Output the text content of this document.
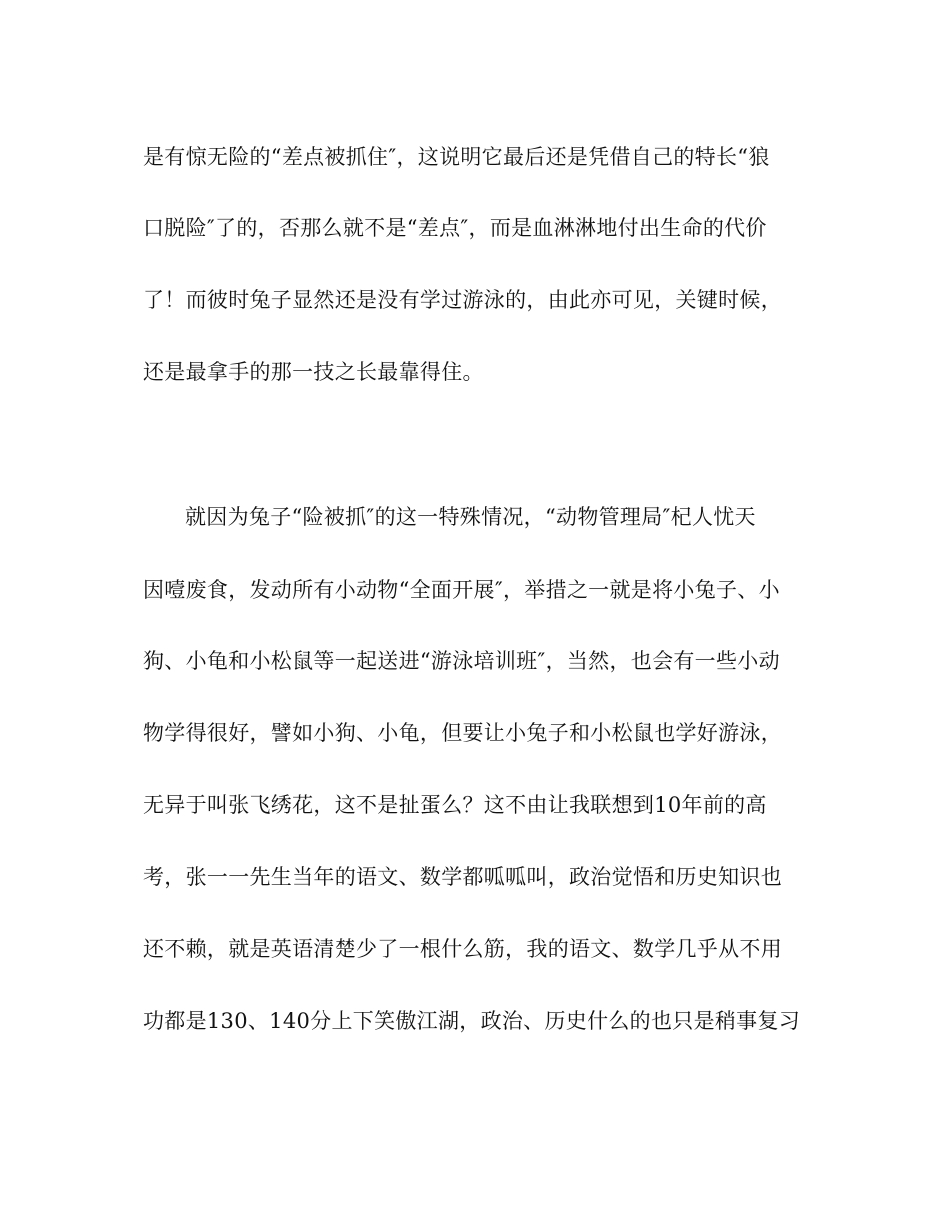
是有惊无险的“差点被抓住″，这说明它最后还是凭借自己的特长“狼
口脱险″了的，否那么就不是“差点″，而是血淋淋地付出生命的代价
了！而彼时兔子显然还是没有学过游泳的，由此亦可见，关键时候，
还是最拿手的那一技之长最靠得住。
就因为兔子“险被抓″的这一特殊情况，“动物管理局″杞人忧天
因噎废食，发动所有小动物“全面开展″，举措之一就是将小兔子、小
狗、小龟和小松鼠等一起送进“游泳培训班″，当然，也会有一些小动
物学得很好，譬如小狗、小龟，但要让小兔子和小松鼠也学好游泳，
无异于叫张飞绣花，这不是扯蛋么？这不由让我联想到10年前的高
考，张一一先生当年的语文、数学都呱呱叫，政治觉悟和历史知识也
还不赖，就是英语清楚少了一根什么筋，我的语文、数学几乎从不用
功都是130、140分上下笑傲江湖，政治、历史什么的也只是稍事复习
